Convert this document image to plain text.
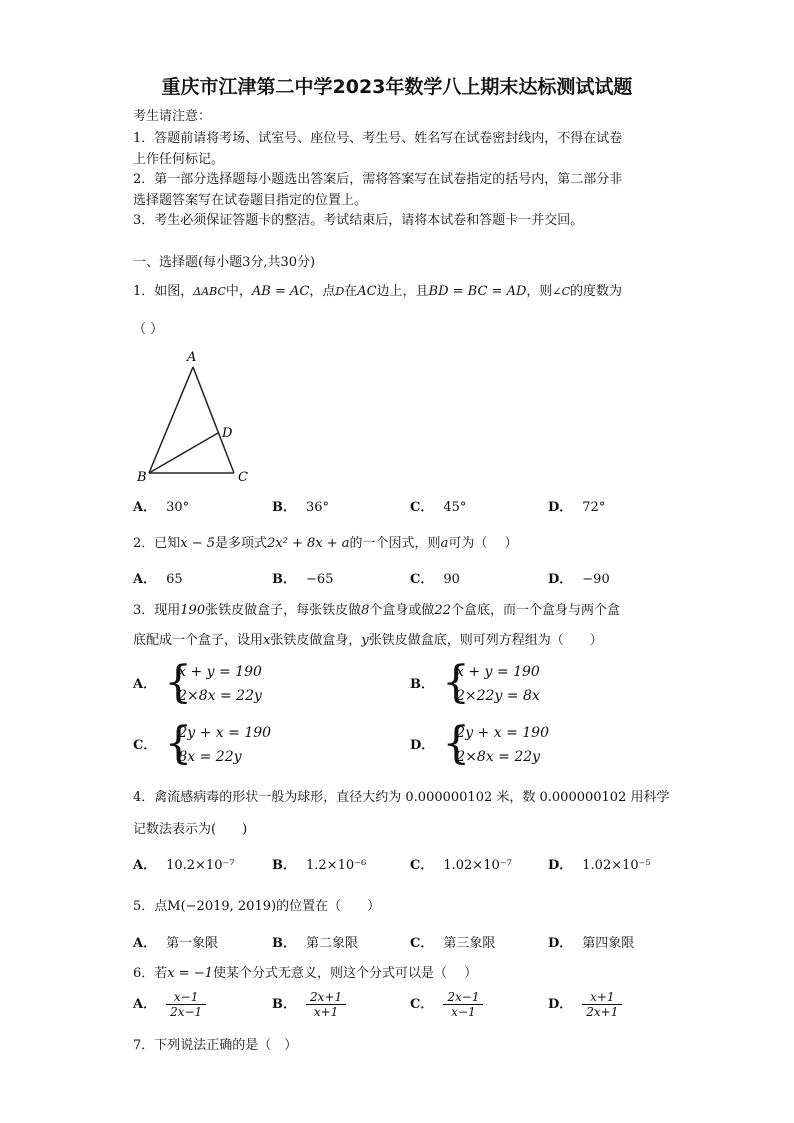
重庆市江津第二中学2023年数学八上期末达标测试试题
考生请注意：
1．答题前请将考场、试室号、座位号、考生号、姓名写在试卷密封线内，不得在试卷
上作任何标记。
2．第一部分选择题每小题选出答案后，需将答案写在试卷指定的括号内，第二部分非
选择题答案写在试卷题目指定的位置上。
3．考生必须保证答题卡的整洁。考试结束后，请将本试卷和答题卡一并交回。
一、选择题(每小题3分,共30分)
1．如图，ΔABC中，AB = AC，点D在AC边上，且BD = BC = AD，则∠C的度数为
（ ）
A
B	C
D
A． 30°	B． 36°	C． 45°	D． 72°
2．已知x − 5是多项式2x² + 8x + a的一个因式，则a可为（　 ）
A． 65	B． −65	C． 90	D． −90
3．现用190张铁皮做盒子，每张铁皮做8个盒身或做22个盒底，而一个盒身与两个盒
底配成一个盒子，设用x张铁皮做盒身，y张铁皮做盒底，则可列方程组为（　　）
A．
{ x + y = 190
2×8x = 22y
B．
{ x + y = 190
2×22y = 8x
C．
{ 2y + x = 190
8x = 22y
D．
{ 2y + x = 190
2×8x = 22y
4．禽流感病毒的形状一般为球形，直径大约为 0.000000102 米，数 0.000000102 用科学
记数法表示为(　　)
A． 10.2×10⁻⁷	B． 1.2×10⁻⁶	C． 1.02×10⁻⁷	D． 1.02×10⁻⁵
5．点M(−2019, 2019)的位置在（　　）
A． 第一象限	B． 第二象限	C． 第三象限	D． 第四象限
6．若x = −1使某个分式无意义，则这个分式可以是（　 ）
A． $\frac{x-1}{2x-1}$	B． $\frac{2x+1}{x+1}$	C． $\frac{2x-1}{x-1}$	D． $\frac{x+1}{2x+1}$
7．下列说法正确的是（　）
